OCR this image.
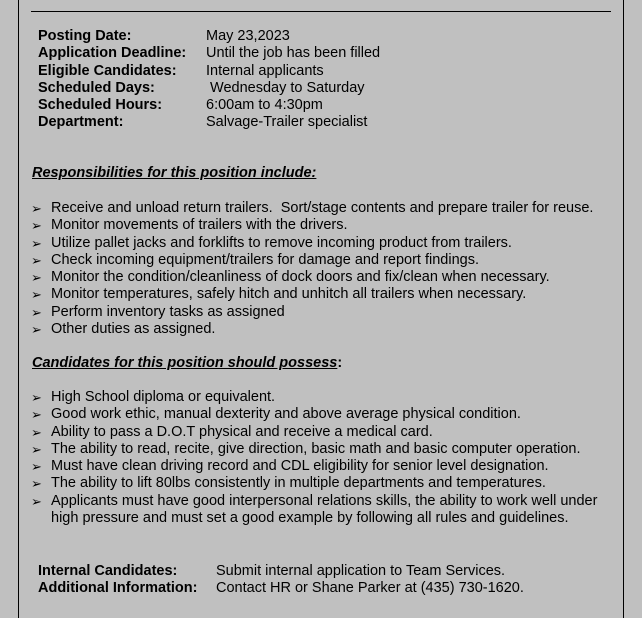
Posting Date:	May 23,2023
Application Deadline:	Until the job has been filled
Eligible Candidates:	Internal applicants
Scheduled Days:	Wednesday to Saturday
Scheduled Hours:	6:00am to 4:30pm
Department:	Salvage-Trailer specialist
Responsibilities for this position include:
➢ Receive and unload return trailers.  Sort/stage contents and prepare trailer for reuse.
➢ Monitor movements of trailers with the drivers.
➢ Utilize pallet jacks and forklifts to remove incoming product from trailers.
➢ Check incoming equipment/trailers for damage and report findings.
➢ Monitor the condition/cleanliness of dock doors and fix/clean when necessary.
➢ Monitor temperatures, safely hitch and unhitch all trailers when necessary.
➢ Perform inventory tasks as assigned
➢ Other duties as assigned.
Candidates for this position should possess:
➢ High School diploma or equivalent.
➢ Good work ethic, manual dexterity and above average physical condition.
➢ Ability to pass a D.O.T physical and receive a medical card.
➢ The ability to read, recite, give direction, basic math and basic computer operation.
➢ Must have clean driving record and CDL eligibility for senior level designation.
➢ The ability to lift 80lbs consistently in multiple departments and temperatures.
➢ Applicants must have good interpersonal relations skills, the ability to work well under high pressure and must set a good example by following all rules and guidelines.
Internal Candidates:	Submit internal application to Team Services.
Additional Information:	Contact HR or Shane Parker at (435) 730-1620.
